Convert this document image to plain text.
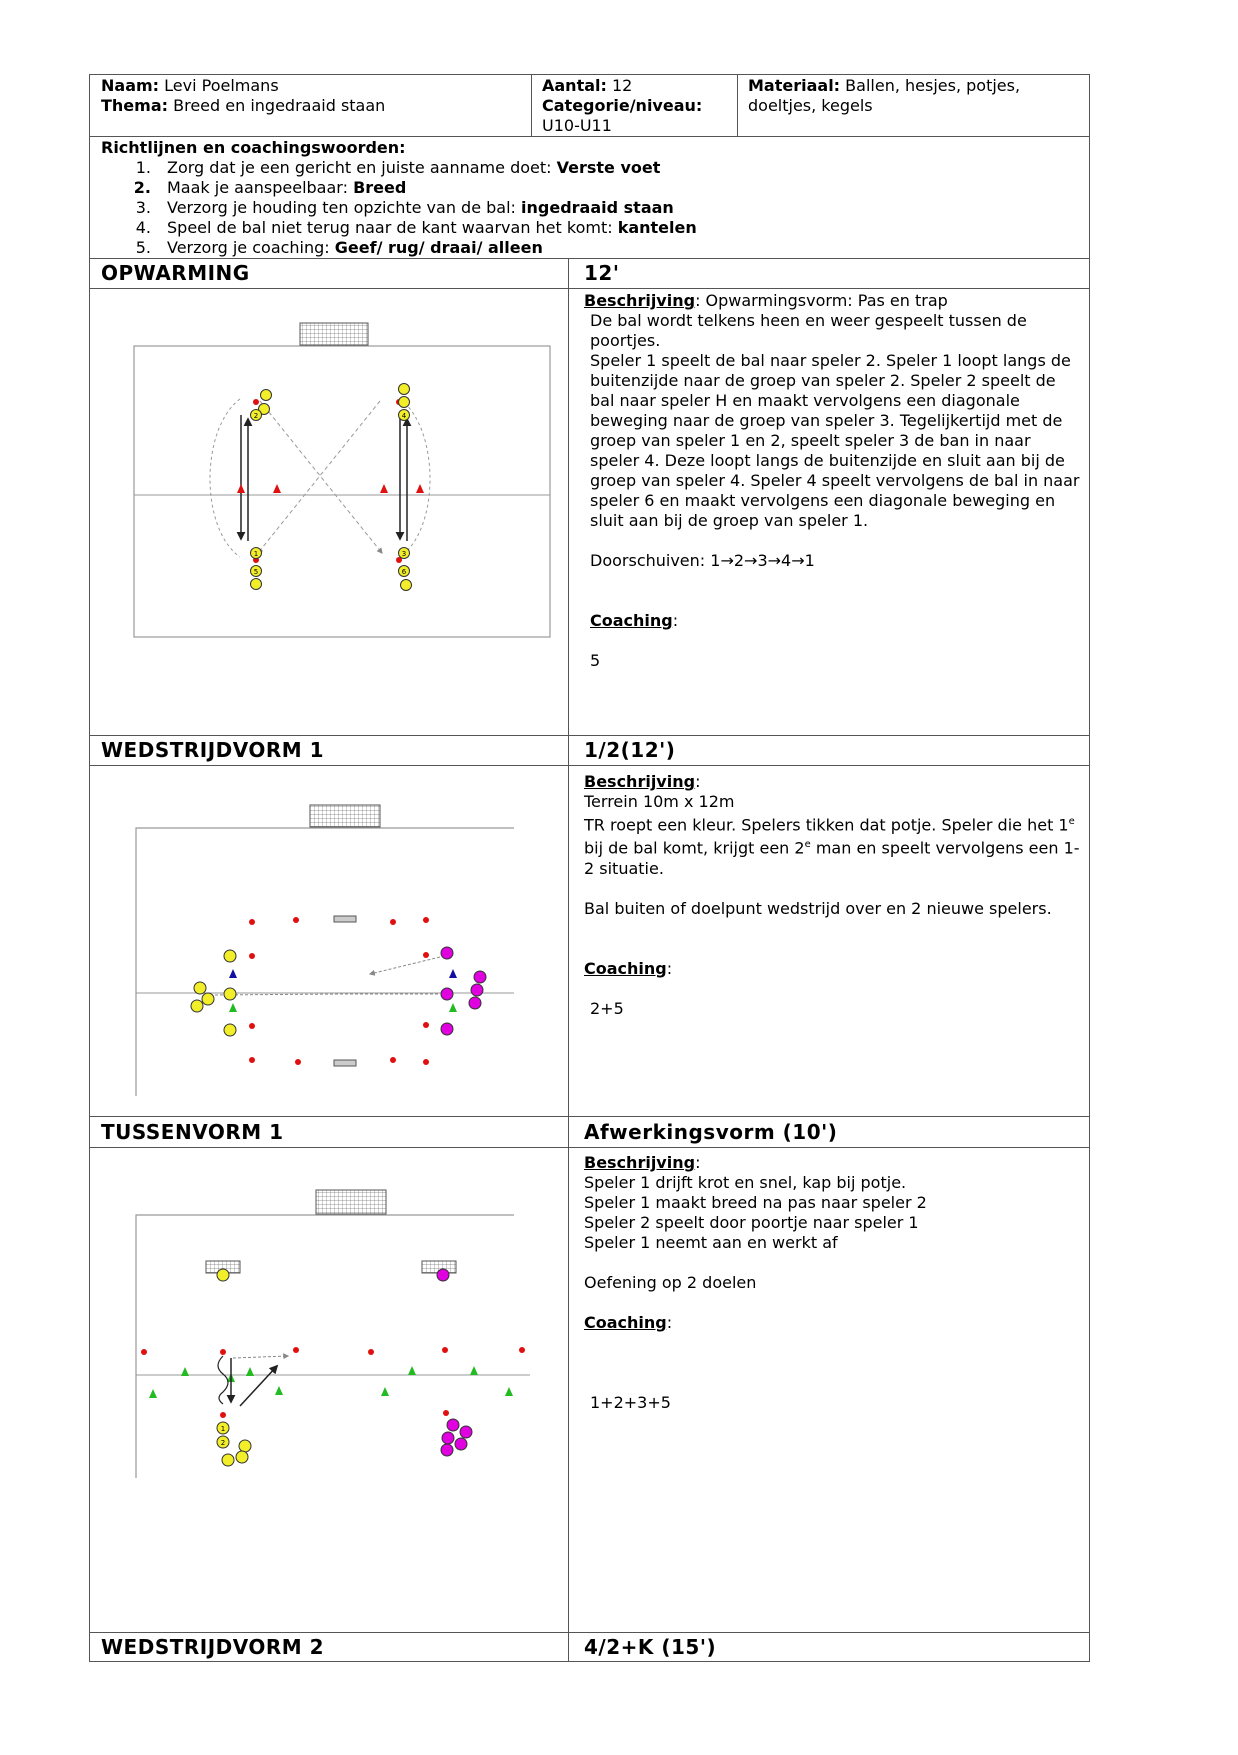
Naam: Levi Poelmans
Thema: Breed en ingedraaid staan
Aantal: 12
Categorie/niveau:
U10-U11
Materiaal: Ballen, hesjes, potjes, doeltjes, kegels
Richtlijnen en coachingswoorden:
1.	Zorg dat je een gericht en juiste aanname doet: Verste voet
2.	Maak je aanspeelbaar: Breed
3.	Verzorg je houding ten opzichte van de bal: ingedraaid staan
4.	Speel de bal niet terug naar de kant waarvan het komt: kantelen
5.	Verzorg je coaching: Geef/ rug/ draai/ alleen
OPWARMING	12'
WEDSTRIJDVORM 1	1/2(12')
TUSSENVORM 1	Afwerkingsvorm (10')
WEDSTRIJDVORM 2	4/2+K (15')
Beschrijving: Opwarmingsvorm: Pas en trap
De bal wordt telkens heen en weer gespeelt tussen de poortjes.
Speler 1 speelt de bal naar speler 2. Speler 1 loopt langs de buitenzijde naar de groep van speler 2. Speler 2 speelt de bal naar speler H en maakt vervolgens een diagonale beweging naar de groep van speler 3. Tegelijkertijd met de groep van speler 1 en 2, speelt speler 3 de ban in naar speler 4. Deze loopt langs de buitenzijde en sluit aan bij de groep van speler 4. Speler 4 speelt vervolgens de bal in naar speler 6 en maakt vervolgens een diagonale beweging en sluit aan bij de groep van speler 1.
Doorschuiven: 1→2→3→4→1
Coaching:
5
Beschrijving:
Terrein 10m x 12m
TR roept een kleur. Spelers tikken dat potje. Speler die het 1e bij de bal komt, krijgt een 2e man en speelt vervolgens een 1-2 situatie.
Bal buiten of doelpunt wedstrijd over en 2 nieuwe spelers.
Coaching:
2+5
Beschrijving:
Speler 1 drijft krot en snel, kap bij potje.
Speler 1 maakt breed na pas naar speler 2
Speler 2 speelt door poortje naar speler 1
Speler 1 neemt aan en werkt af
Oefening op 2 doelen
Coaching:
1+2+3+5
2
1
5
4
3
6
1
2
